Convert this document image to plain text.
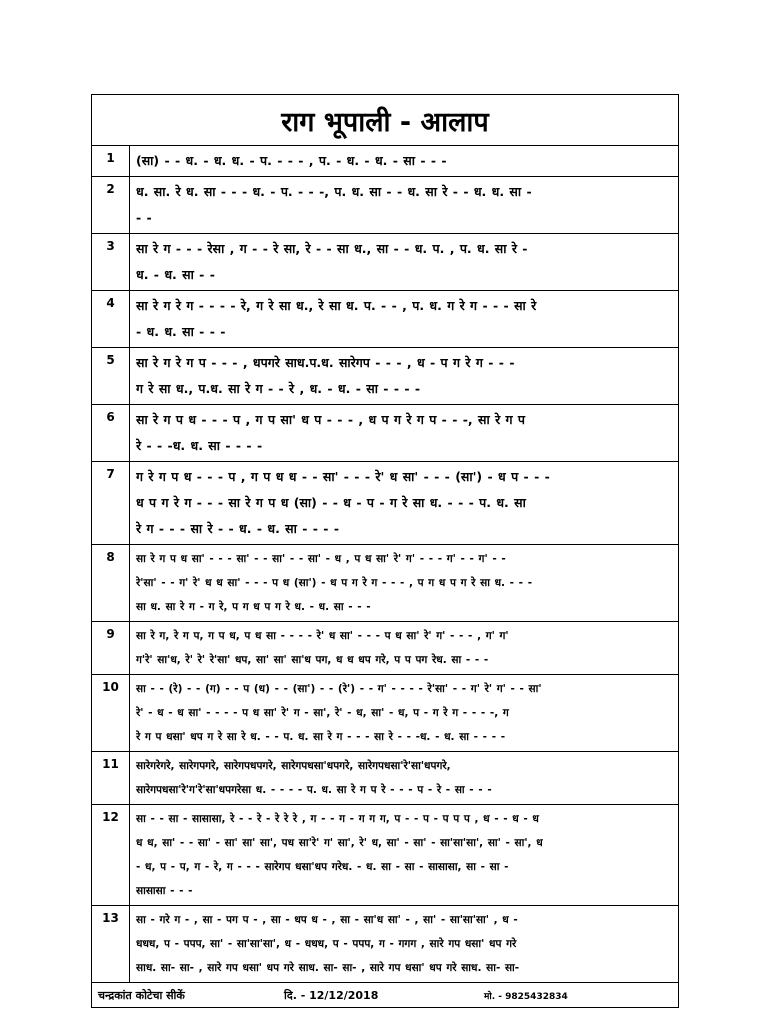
राग भूपाली - आलाप
1	(सा) - - ध. - ध. ध. - प. - - - , प. - ध. - ध. - सा - - -
2	ध. सा. रे ध. सा - - - ध. - प. - - -, प. ध. सा - - ध. सा रे - - ध. ध. सा -
- -
3	सा रे ग - - - रेसा , ग - - रे सा, रे - - सा ध., सा - - ध. प. , प. ध. सा रे -
ध. - ध. सा - -
4	सा रे ग रे ग - - - - रे, ग रे सा ध., रे सा ध. प. - - , प. ध. ग रे ग - - - सा रे
- ध. ध. सा - - -
5	सा रे ग रे ग प - - - , धपगरे साध.प.ध. सारेगप - - - , ध - प ग रे ग - - -
ग रे सा ध., प.ध. सा रे ग - - रे , ध. - ध. - सा - - - -
6	सा रे ग प ध - - - प , ग प सा' ध प - - - , ध प ग रे ग प - - -, सा रे ग प
रे - - -ध. ध. सा - - - -
7	ग रे ग प ध - - - प , ग प ध ध - - सा' - - - रे' ध सा' - - - (सा') - ध प - - -
ध प ग रे ग - - - सा रे ग प ध (सा) - - ध - प - ग रे सा ध. - - - प. ध. सा
रे ग - - - सा रे - - ध. - ध. सा - - - -
8	सा रे ग प ध सा' - - - सा' - - सा' - - सा' - ध , प ध सा' रे' ग' - - - ग' - - ग' - -
रे'सा' - - ग' रे' ध ध सा' - - - प ध (सा') - ध प ग रे ग - - - , प ग ध प ग रे सा ध. - - -
सा ध. सा रे ग - ग रे, प ग ध प ग रे ध. - ध. सा - - -
9	सा रे ग, रे ग प, ग प ध, प ध सा - - - - रे' ध सा' - - - प ध सा' रे' ग' - - - , ग' ग'
ग'रे' सा'ध, रे' रे' रे'सा' धप, सा' सा' सा'ध पग, ध ध धप गरे, प प पग रेध. सा - - -
10	सा - - (रे) - - (ग) - - प (ध) - - (सा') - - (रे') - - ग' - - - - रे'सा' - - ग' रे' ग' - - सा'
रे' - ध - ध सा' - - - - प ध सा' रे' ग - सा', रे' - ध, सा' - ध, प - ग रे ग - - - -, ग
रे ग प धसा' धप ग रे सा रे ध. - - प. ध. सा रे ग - - - सा रे - - -ध. - ध. सा - - - -
11	सारेगरेगरे, सारेगपगरे, सारेगपधपगरे, सारेगपधसा'धपगरे, सारेगपधसा'रे'सा'धपगरे,
सारेगपधसा'रे'ग'रे'सा'धपगरेसा ध. - - - - प. ध. सा रे ग प रे - - - प - रे - सा - - -
12	सा - - सा - सासासा, रे - - रे - रे रे रे , ग - - ग - ग ग ग, प - - प - प प प , ध - - ध - ध
ध ध, सा' - - सा' - सा' सा' सा', पध सा'रे' ग' सा', रे' ध, सा' - सा' - सा'सा'सा', सा' - सा', ध
- ध, प - प, ग - रे, ग - - - सारेगप धसा'धप गरेध. - ध. सा - सा - सासासा, सा - सा -
सासासा - - -
13	सा - गरे ग - , सा - पग प - , सा - धप ध - , सा - सा'ध सा' - , सा' - सा'सा'सा' , ध -
धधध, प - पपप, सा' - सा'सा'सा', ध - धधध, प - पपप, ग - गगग , सारे गप धसा' धप गरे
साध. सा- सा- , सारे गप धसा' धप गरे साध. सा- सा- , सारे गप धसा' धप गरे साध. सा- सा-
चन्द्रकांत कोटेचा सीकें	दि. - 12/12/2018	मो. - 9825432834
